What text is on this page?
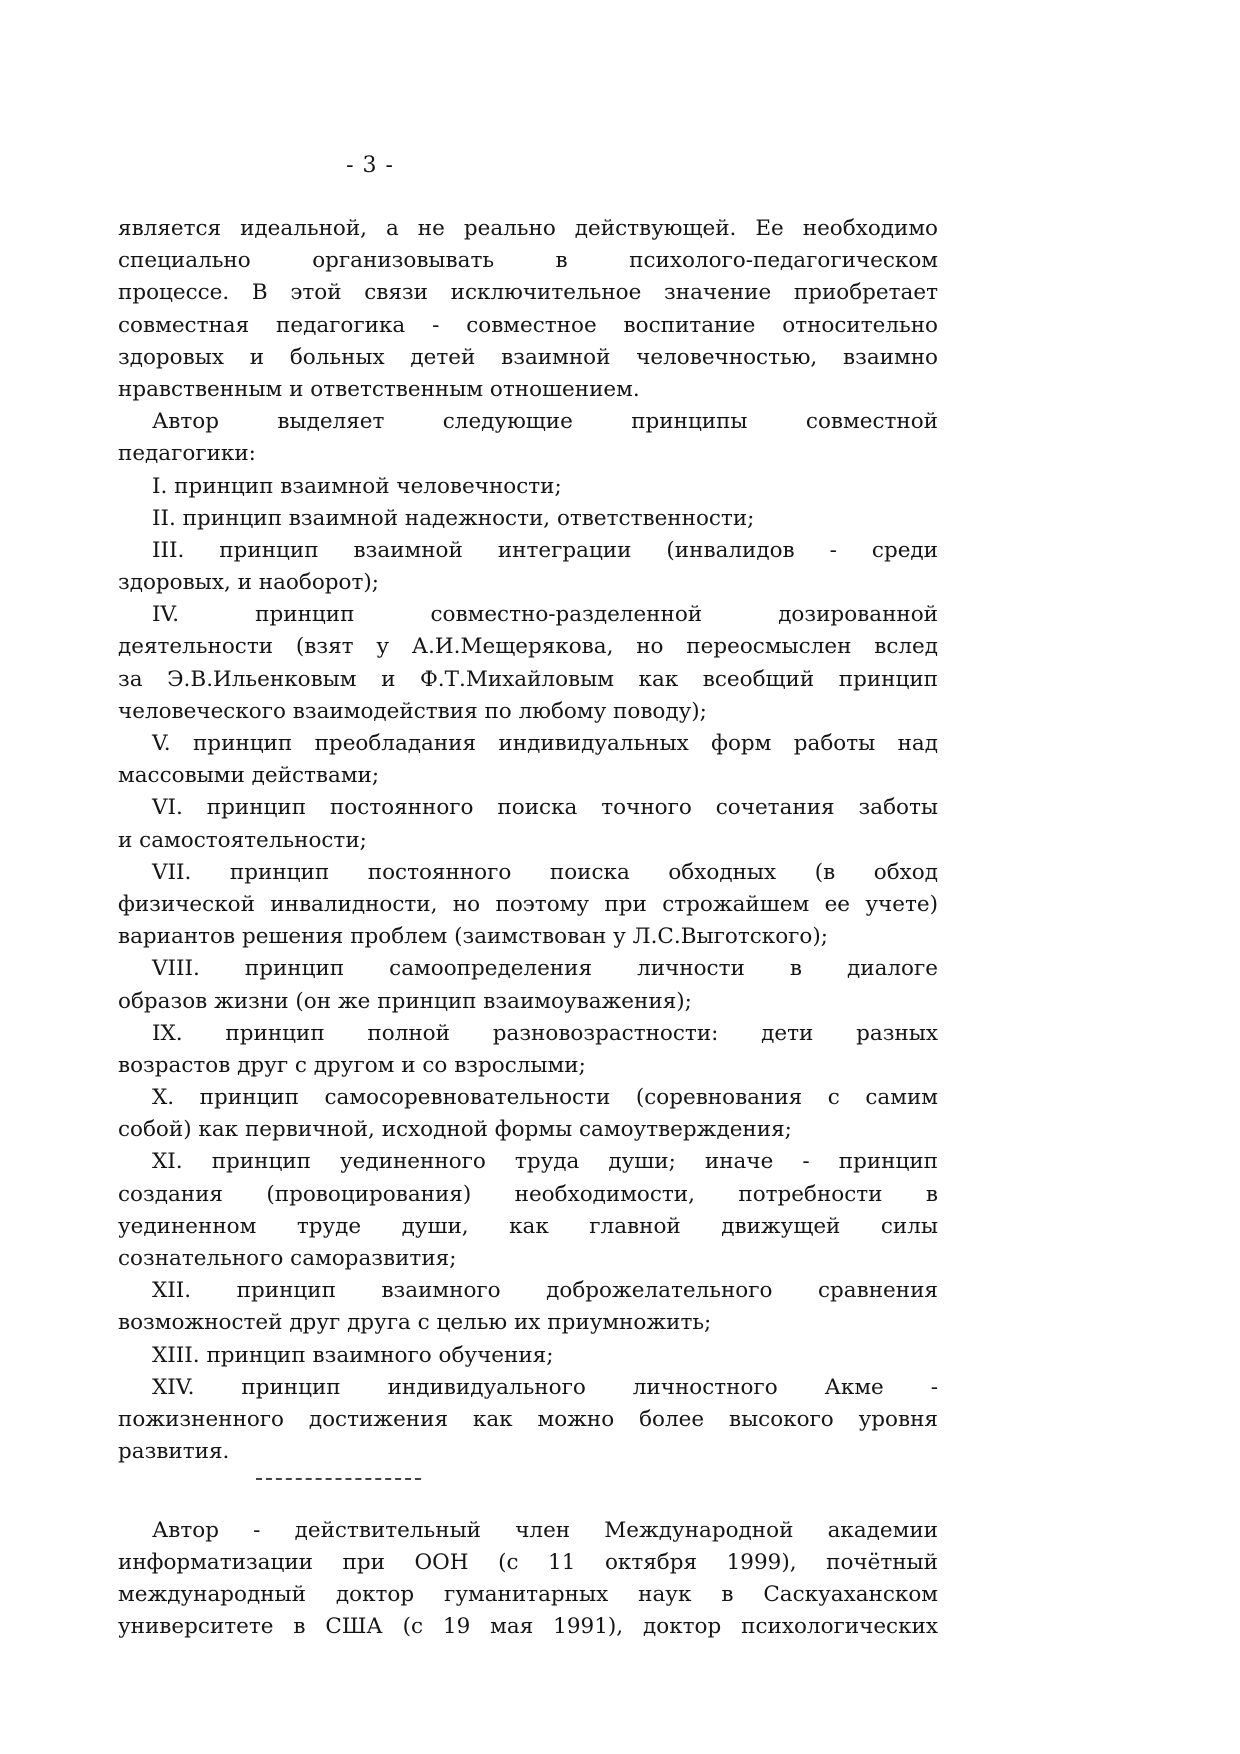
- 3 -
является идеальной, а не реально действующей. Ее необходимо
специально организовывать в психолого-педагогическом
процессе. В этой связи исключительное значение приобретает
совместная педагогика - совместное воспитание относительно
здоровых и больных детей взаимной человечностью, взаимно
нравственным и ответственным отношением.
Автор выделяет следующие принципы совместной
педагогики:
I. принцип взаимной человечности;
II. принцип взаимной надежности, ответственности;
III. принцип взаимной интеграции (инвалидов - среди
здоровых, и наоборот);
IV. принцип совместно-разделенной дозированной
деятельности (взят у А.И.Мещерякова, но переосмыслен вслед
за Э.В.Ильенковым и Ф.Т.Михайловым как всеобщий принцип
человеческого взаимодействия по любому поводу);
V. принцип преобладания индивидуальных форм работы над
массовыми действами;
VI. принцип постоянного поиска точного сочетания заботы
и самостоятельности;
VII. принцип постоянного поиска обходных (в обход
физической инвалидности, но поэтому при строжайшем ее учете)
вариантов решения проблем (заимствован у Л.С.Выготского);
VIII. принцип самоопределения личности в диалоге
образов жизни (он же принцип взаимоуважения);
IX. принцип полной разновозрастности: дети разных
возрастов друг с другом и со взрослыми;
X. принцип самосоревновательности (соревнования с самим
собой) как первичной, исходной формы самоутверждения;
XI. принцип уединенного труда души; иначе - принцип
создания (провоцирования) необходимости, потребности в
уединенном труде души, как главной движущей силы
сознательного саморазвития;
XII. принцип взаимного доброжелательного сравнения
возможностей друг друга с целью их приумножить;
XIII. принцип взаимного обучения;
XIV. принцип индивидуального личностного Акме -
пожизненного достижения как можно более высокого уровня
развития.
Автор - действительный член Международной академии
информатизации при ООН (с 11 октября 1999), почётный
международный доктор гуманитарных наук в Саскуаханском
университете в США (с 19 мая 1991), доктор психологических
